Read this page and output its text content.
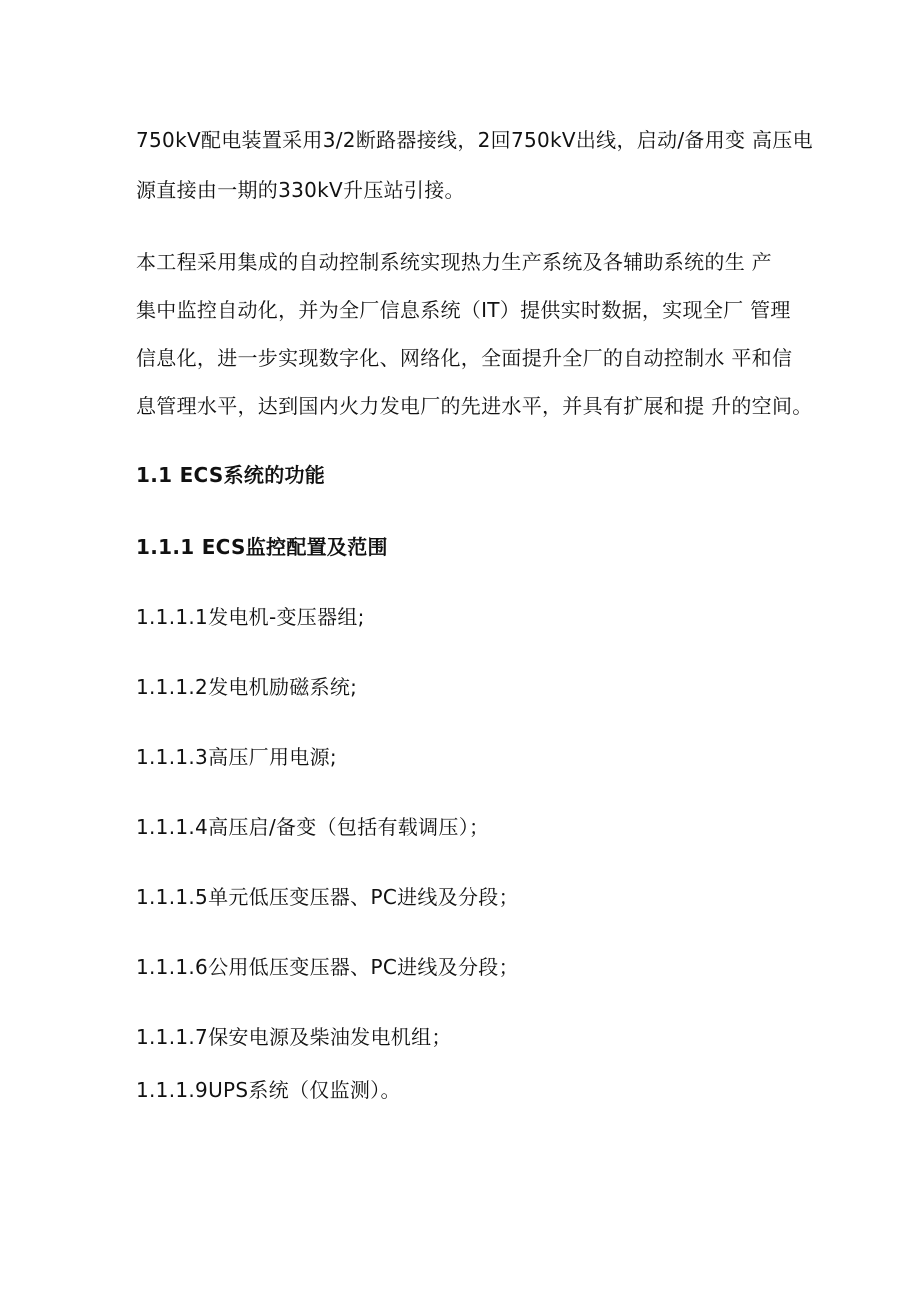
750kV配电装置采用3/2断路器接线，2回750kV出线，启动/备用变 高压电
源直接由一期的330kV升压站引接。
本工程采用集成的自动控制系统实现热力生产系统及各辅助系统的生 产
集中监控自动化，并为全厂信息系统（IT）提供实时数据，实现全厂 管理
信息化，进一步实现数字化、网络化，全面提升全厂的自动控制水 平和信
息管理水平，达到国内火力发电厂的先进水平，并具有扩展和提 升的空间。
1.1 ECS系统的功能
1.1.1 ECS监控配置及范围
1.1.1.1发电机-变压器组;
1.1.1.2发电机励磁系统;
1.1.1.3高压厂用电源;
1.1.1.4高压启/备变（包括有载调压）；
1.1.1.5单元低压变压器、PC进线及分段；
1.1.1.6公用低压变压器、PC进线及分段；
1.1.1.7保安电源及柴油发电机组；
1.1.1.9UPS系统（仅监测）。
